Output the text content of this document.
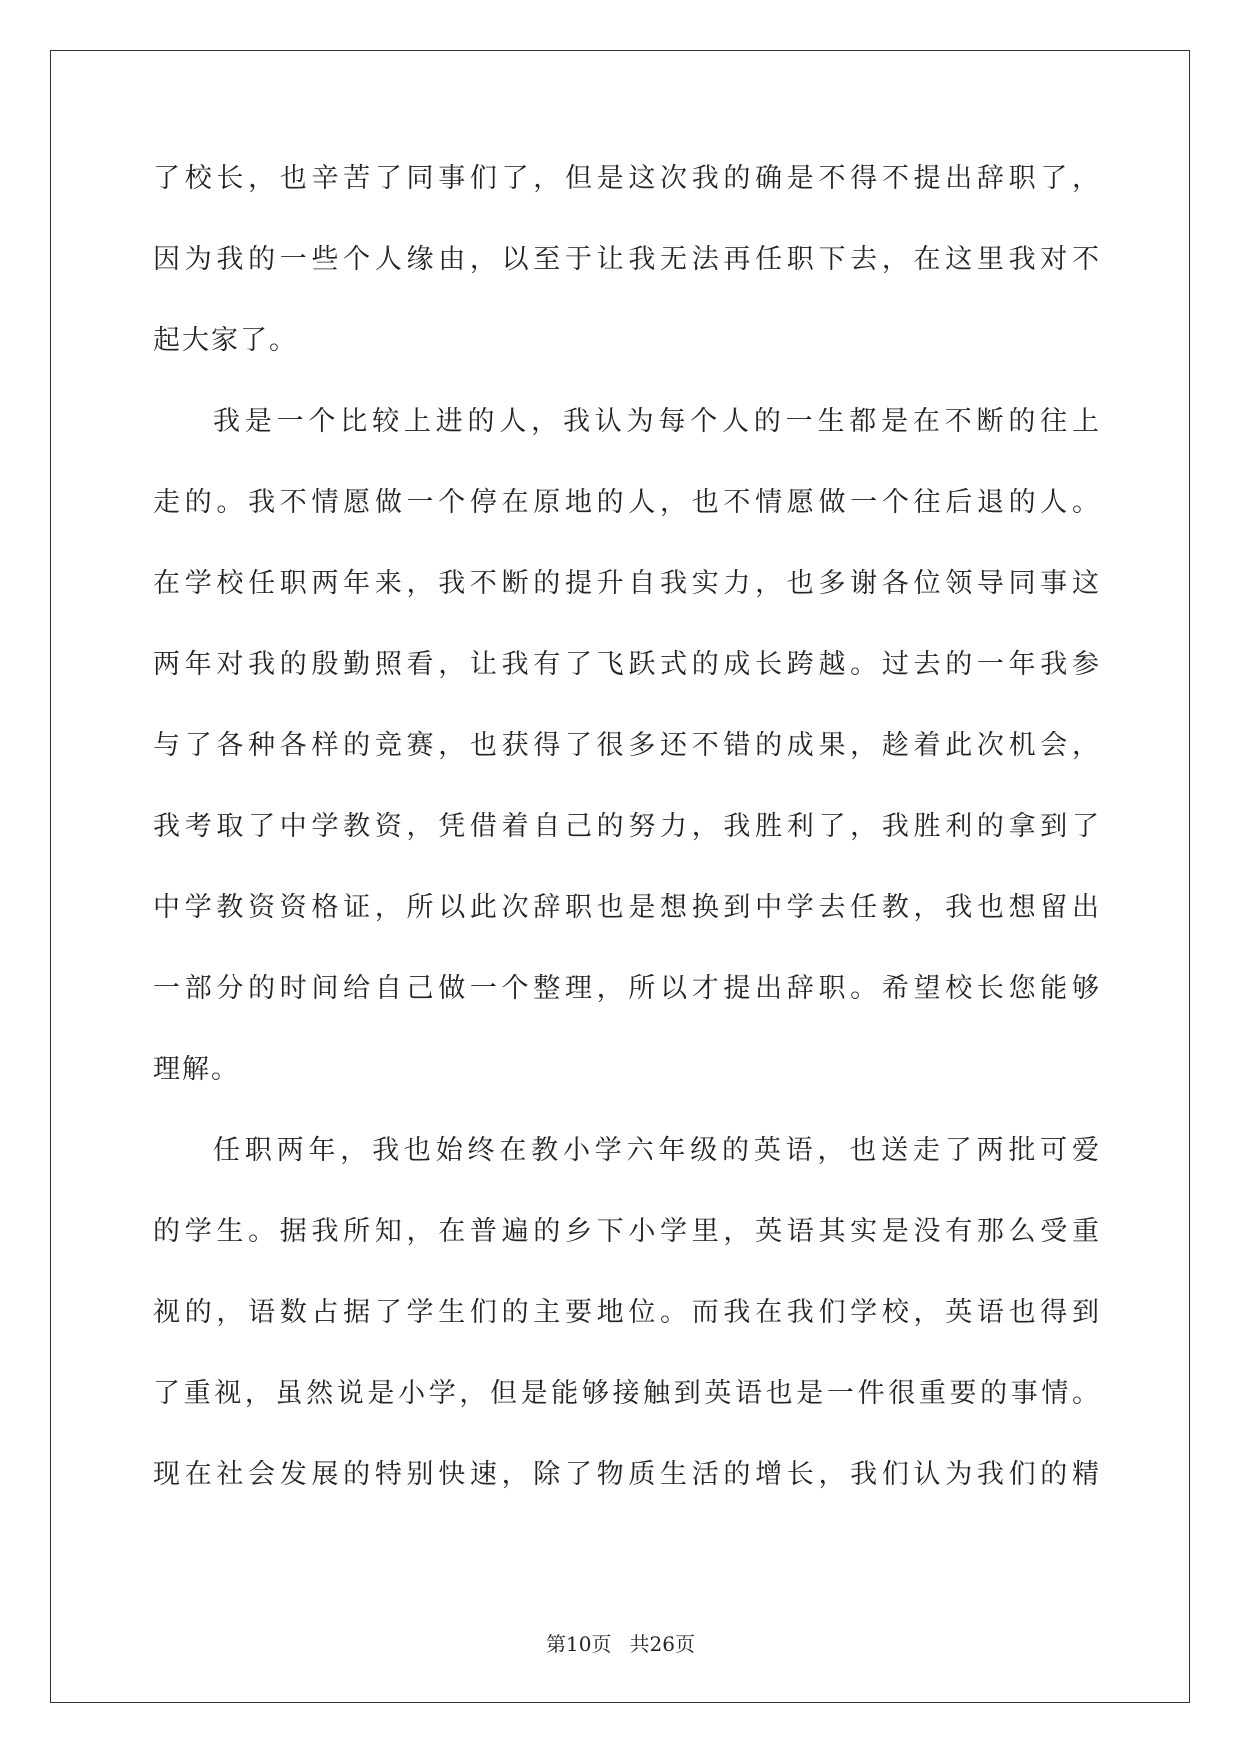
了校长，也辛苦了同事们了，但是这次我的确是不得不提出辞职了，
因为我的一些个人缘由，以至于让我无法再任职下去，在这里我对不
起大家了。
我是一个比较上进的人，我认为每个人的一生都是在不断的往上
走的。我不情愿做一个停在原地的人，也不情愿做一个往后退的人。
在学校任职两年来，我不断的提升自我实力，也多谢各位领导同事这
两年对我的殷勤照看，让我有了飞跃式的成长跨越。过去的一年我参
与了各种各样的竞赛，也获得了很多还不错的成果，趁着此次机会，
我考取了中学教资，凭借着自己的努力，我胜利了，我胜利的拿到了
中学教资资格证，所以此次辞职也是想换到中学去任教，我也想留出
一部分的时间给自己做一个整理，所以才提出辞职。希望校长您能够
理解。
任职两年，我也始终在教小学六年级的英语，也送走了两批可爱
的学生。据我所知，在普遍的乡下小学里，英语其实是没有那么受重
视的，语数占据了学生们的主要地位。而我在我们学校，英语也得到
了重视，虽然说是小学，但是能够接触到英语也是一件很重要的事情。
现在社会发展的特别快速，除了物质生活的增长，我们认为我们的精
第10页 共26页
